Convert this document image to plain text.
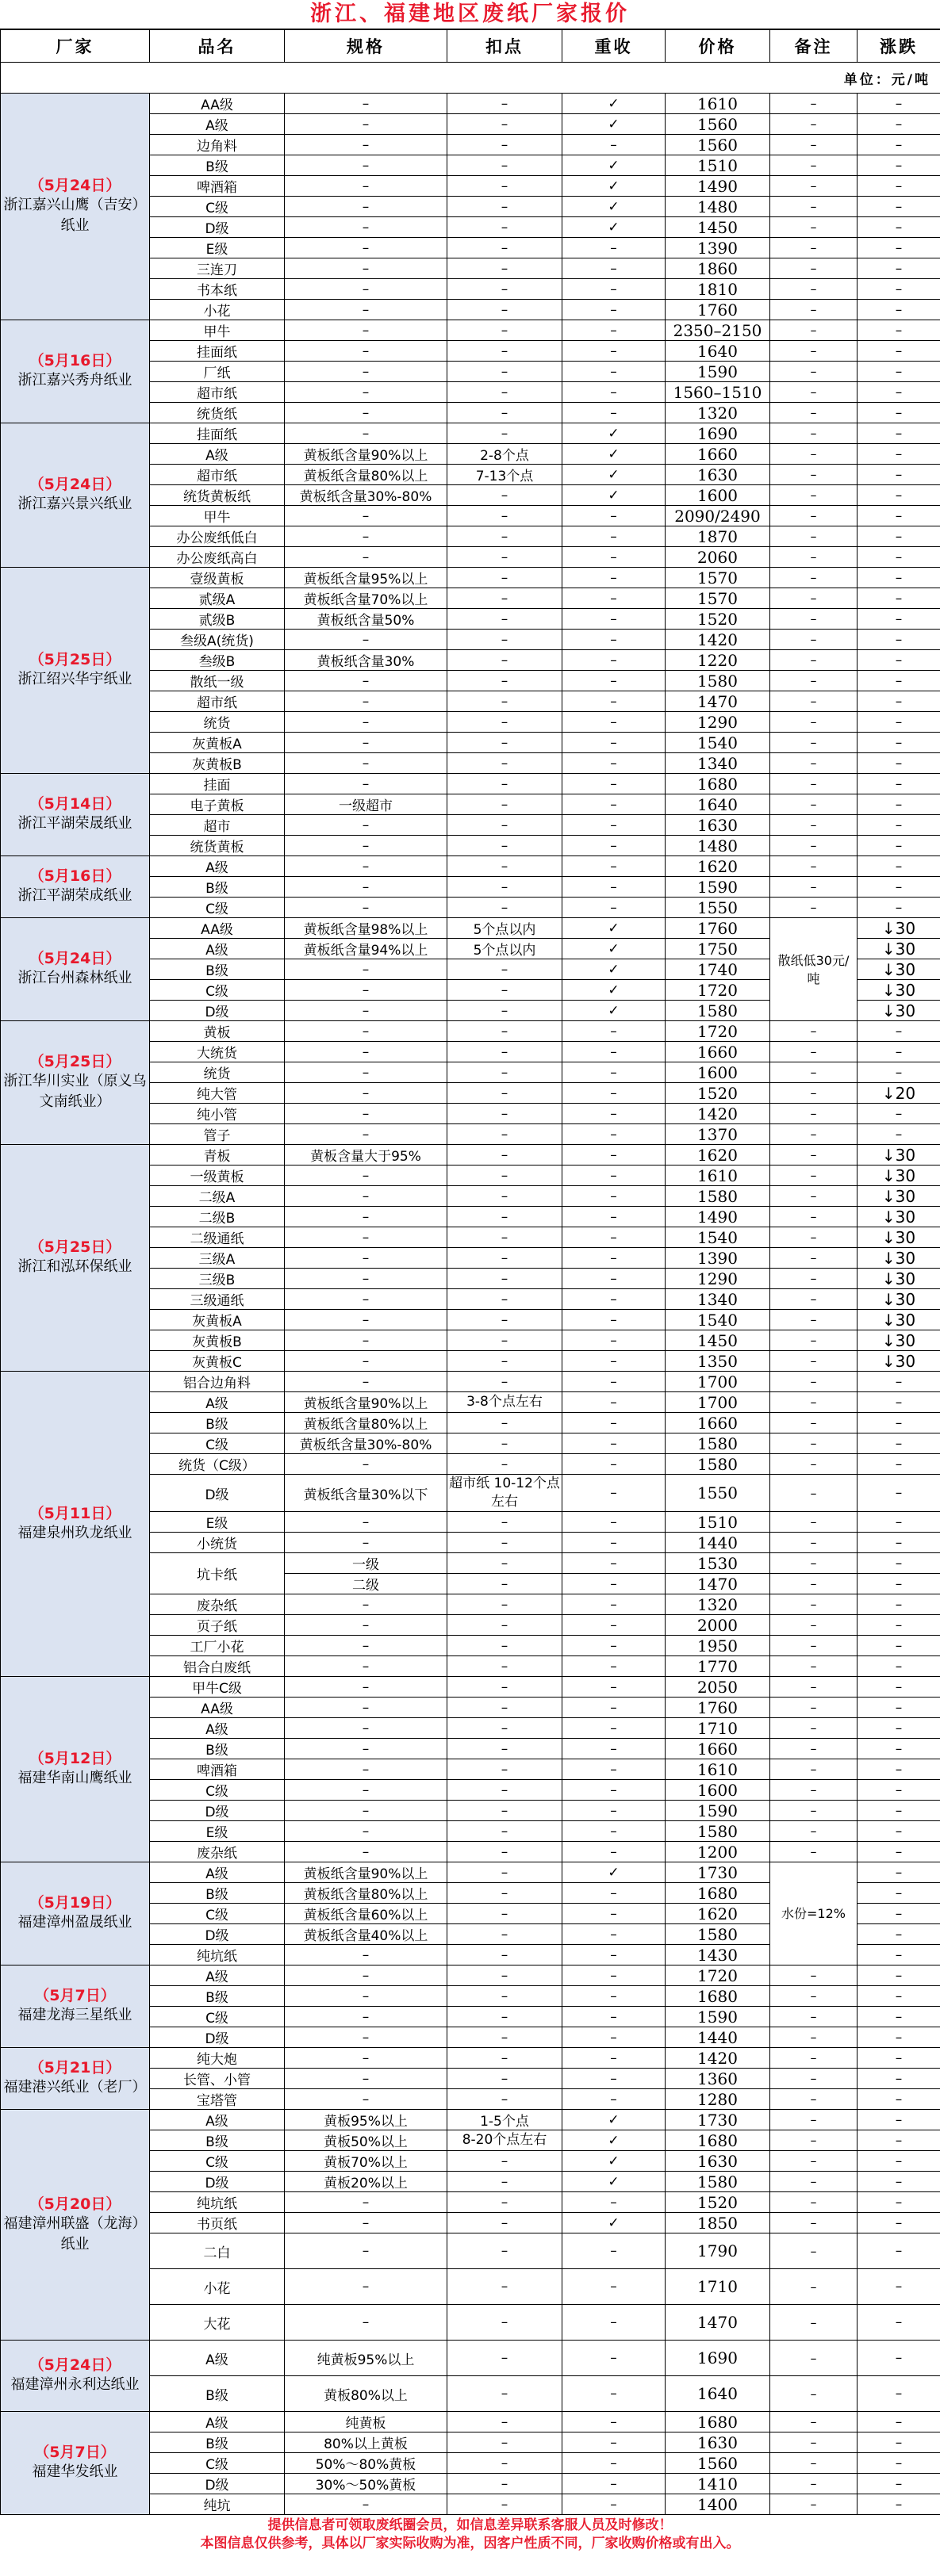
浙江、福建地区废纸厂家报价
厂家	品名	规格	扣点	重收	价格	备注	涨跌
单位：元/吨							

（5月24日）
浙江嘉兴山鹰（吉安）纸业	AA级	–	–	✓	1610	–	–
	A级	–	–	✓	1560	–	–
	边角料	–	–	–	1560	–	–
	B级	–	–	✓	1510	–	–
	啤酒箱	–	–	✓	1490	–	–
	C级	–	–	✓	1480	–	–
	D级	–	–	✓	1450	–	–
	E级	–	–	–	1390	–	–
	三连刀	–	–	–	1860	–	–
	书本纸	–	–	–	1810	–	–
	小花	–	–	–	1760	–	–

（5月16日）
浙江嘉兴秀舟纸业	甲牛	–	–	–	2350–2150	–	–
	挂面纸	–	–	–	1640	–	–
	厂纸	–	–	–	1590	–	–
	超市纸	–	–	–	1560–1510	–	–
	统货纸	–	–	–	1320	–	–

（5月24日）
浙江嘉兴景兴纸业	挂面纸	–	–	✓	1690	–	–
	A级	黄板纸含量90%以上	2-8个点	✓	1660	–	–
	超市纸	黄板纸含量80%以上	7-13个点	✓	1630	–	–
	统货黄板纸	黄板纸含量30%-80%	–	✓	1600	–	–
	甲牛	–	–	–	2090/2490	–	–
	办公废纸低白	–	–	–	1870	–	–
	办公废纸高白	–	–	–	2060	–	–

（5月25日）
浙江绍兴华宇纸业	壹级黄板	黄板纸含量95%以上	–	–	1570	–	–
	贰级A	黄板纸含量70%以上	–	–	1570	–	–
	贰级B	黄板纸含量50%	–	–	1520	–	–
	叁级A(统货)	–	–	–	1420	–	–
	叁级B	黄板纸含量30%	–	–	1220	–	–
	散纸一级	–	–	–	1580	–	–
	超市纸	–	–	–	1470	–	–
	统货	–	–	–	1290	–	–
	灰黄板A	–	–	–	1540	–	–
	灰黄板B	–	–	–	1340	–	–

（5月14日）
浙江平湖荣晟纸业	挂面	–	–	–	1680	–	–
	电子黄板	一级超市	–	–	1640	–	–
	超市	–	–	–	1630	–	–
	统货黄板	–	–	–	1480	–	–

（5月16日）
浙江平湖荣成纸业	A级	–	–	–	1620	–	–
	B级	–	–	–	1590	–	–
	C级	–	–	–	1550	–	–

（5月24日）
浙江台州森林纸业	AA级	黄板纸含量98%以上	5个点以内	✓	1760	散纸低30元/吨	↓30
	A级	黄板纸含量94%以上	5个点以内	✓	1750		↓30
	B级	–	–	✓	1740		↓30
	C级	–	–	✓	1720		↓30
	D级	–	–	✓	1580		↓30

（5月25日）
浙江华川实业（原义乌文南纸业）	黄板	–	–	–	1720	–	–
	大统货	–	–	–	1660	–	–
	统货	–	–	–	1600	–	–
	纯大管	–	–	–	1520	–	↓20
	纯小管	–	–	–	1420	–	–
	管子	–	–	–	1370	–	–

（5月25日）
浙江和泓环保纸业	青板	黄板含量大于95%	–	–	1620	–	↓30
	一级黄板	–	–	–	1610	–	↓30
	二级A	–	–	–	1580	–	↓30
	二级B	–	–	–	1490	–	↓30
	二级通纸	–	–	–	1540	–	↓30
	三级A	–	–	–	1390	–	↓30
	三级B	–	–	–	1290	–	↓30
	三级通纸	–	–	–	1340	–	↓30
	灰黄板A	–	–	–	1540	–	↓30
	灰黄板B	–	–	–	1450	–	↓30
	灰黄板C	–	–	–	1350	–	↓30

（5月11日）
福建泉州玖龙纸业	铝合边角料	–	–	–	1700	–	–
	A级	黄板纸含量90%以上	3-8个点左右	–	1700	–	–
	B级	黄板纸含量80%以上	–	–	1660	–	–
	C级	黄板纸含量30%-80%	–	–	1580	–	–
	统货（C级）	–	–	–	1580	–	–
	D级	黄板纸含量30%以下	超市纸 10-12个点左右	–	1550	–	–
	E级	–	–	–	1510	–	–
	小统货	–	–	–	1440	–	–
	坑卡纸	一级	–	–	1530	–	–
		二级	–	–	1470	–	–
	废杂纸	–	–	–	1320	–	–
	页子纸	–	–	–	2000	–	–
	工厂小花	–	–	–	1950	–	–
	铝合白废纸	–	–	–	1770	–	–

（5月12日）
福建华南山鹰纸业	甲牛C级	–	–	–	2050	–	–
	AA级	–	–	–	1760	–	–
	A级	–	–	–	1710	–	–
	B级	–	–	–	1660	–	–
	啤酒箱	–	–	–	1610	–	–
	C级	–	–	–	1600	–	–
	D级	–	–	–	1590	–	–
	E级	–	–	–	1580	–	–
	废杂纸	–	–	–	1200	–	–

（5月19日）
福建漳州盈晟纸业	A级	黄板纸含量90%以上	–	✓	1730	水份=12%	–
	B级	黄板纸含量80%以上	–	–	1680		–
	C级	黄板纸含量60%以上	–	–	1620		–
	D级	黄板纸含量40%以上	–	–	1580		–
	纯坑纸	–	–	–	1430		–

（5月7日）
福建龙海三星纸业	A级	–	–	–	1720	–	–
	B级	–	–	–	1680	–	–
	C级	–	–	–	1590	–	–
	D级	–	–	–	1440	–	–

（5月21日）
福建港兴纸业（老厂）	纯大炮	–	–	–	1420	–	–
	长管、小管	–	–	–	1360	–	–
	宝塔管	–	–	–	1280	–	–

（5月20日）
福建漳州联盛（龙海）纸业	A级	黄板95%以上	1-5个点	✓	1730	–	–
	B级	黄板50%以上	8-20个点左右	✓	1680	–	–
	C级	黄板70%以上	–	✓	1630	–	–
	D级	黄板20%以上	–	✓	1580	–	–
	纯坑纸	–	–	–	1520	–	–
	书页纸	–	–	✓	1850	–	–
	二白	–	–	–	1790	–	–
	小花	–	–	–	1710	–	–
	大花	–	–	–	1470	–	–

（5月24日）
福建漳州永利达纸业	A级	纯黄板95%以上	–	–	1690	–	–
	B级	黄板80%以上	–	–	1640	–	–

（5月7日）
福建华发纸业	A级	纯黄板	–	–	1680	–	–
	B级	80%以上黄板	–	–	1630	–	–
	C级	50%～80%黄板	–	–	1560	–	–
	D级	30%～50%黄板	–	–	1410	–	–
	纯坑	–	–	–	1400	–	–
提供信息者可领取废纸圈会员，如信息差异联系客服人员及时修改！
本图信息仅供参考，具体以厂家实际收购为准，因客户性质不同，厂家收购价格或有出入。
